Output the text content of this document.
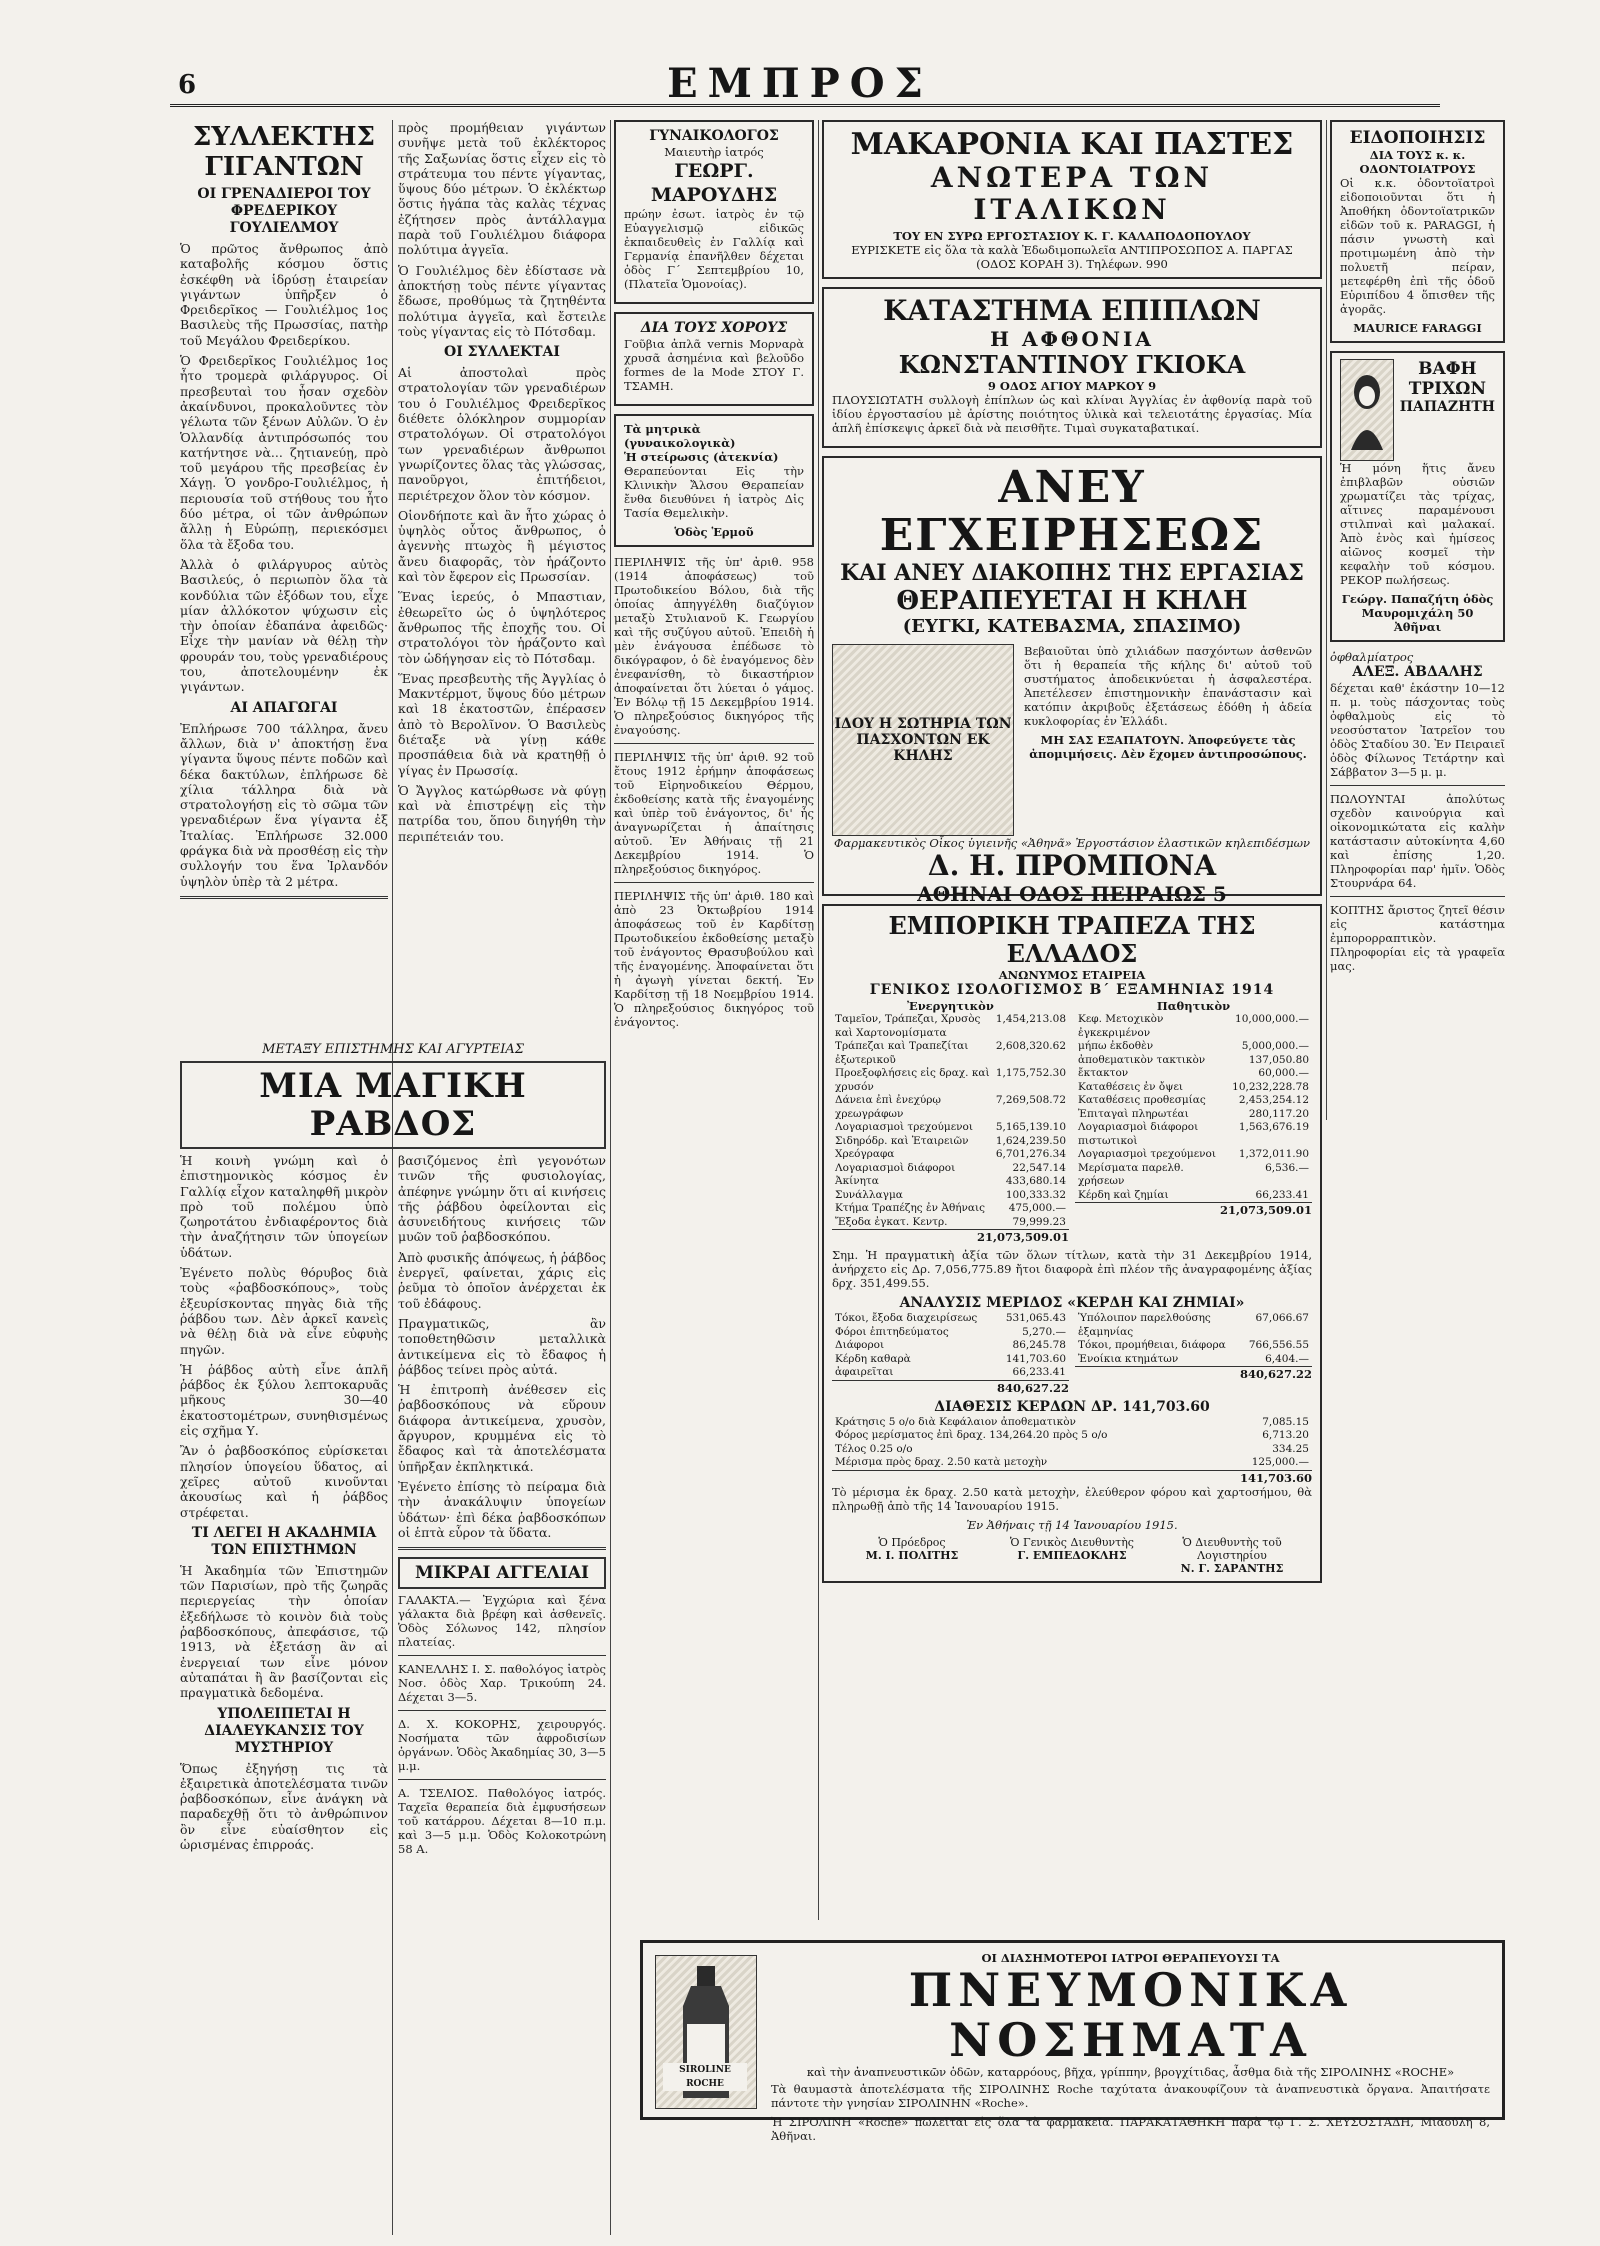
6	ΕΜΠΡΟΣ
ΣΥΛΛΕΚΤΗΣ ΓΙΓΑΝΤΩΝ
ΟΙ ΓΡΕΝΑΔΙΕΡΟΙ ΤΟΥ ΦΡΕΔΕΡΙΚΟΥ ΓΟΥΛΙΕΛΜΟΥ

Ὁ πρῶτος ἄνθρωπος ἀπὸ καταβολῆς κόσμου ὅστις ἐσκέφθη νὰ ἱδρύσῃ ἑταιρείαν γιγάντων ὑπῆρξεν ὁ Φρειδερῖκος — Γουλιέλμος 1ος Βασιλεὺς τῆς Πρωσσίας, πατὴρ τοῦ Μεγάλου Φρειδερίκου.

Ὁ Φρειδερῖκος Γουλιέλμος 1ος ἦτο τρομερὰ φιλάργυρος. Οἱ πρεσβευταὶ του ἦσαν σχεδὸν ἀκαίνδυνοι, προκαλοῦντες τὸν γέλωτα τῶν ξένων Αὐλῶν. Ὁ ἐν Ὁλλανδίᾳ ἀντιπρόσωπός του κατήντησε νὰ... ζητιανεύῃ, πρὸ τοῦ μεγάρου τῆς πρεσβείας ἐν Χάγῃ. Ὁ γονδρο-Γουλιέλμος, ἡ περιουσία τοῦ στήθους του ἦτο δύο μέτρα, οἱ τῶν ἀνθρώπων ἄλλῃ ἡ Εὐρώπῃ, περιεκόσμει ὅλα τὰ ἔξοδα του.

Ἀλλὰ ὁ φιλάργυρος αὐτὸς Βασιλεύς, ὁ περιωπὸν ὅλα τὰ κονδύλια τῶν ἐξόδων του, εἶχε μίαν ἀλλόκοτον ψύχωσιν εἰς τὴν ὁποίαν ἐδαπάνα ἀφειδῶς· Εἶχε τὴν μανίαν νὰ θέλῃ τὴν φρουράν του, τοὺς γρεναδιέρους του, ἀποτελουμένην ἐκ γιγάντων.

ΑΙ ΑΠΑΓΩΓΑΙ

Ἐπλήρωσε 700 τάλληρα, ἄνευ ἄλλων, διὰ ν' ἀποκτήσῃ ἕνα γίγαντα ὕψους πέντε ποδῶν καὶ δέκα δακτύλων, ἐπλήρωσε δὲ χίλια τάλληρα διὰ νὰ στρατολογήσῃ εἰς τὸ σῶμα τῶν γρεναδιέρων ἕνα γίγαντα ἐξ Ἰταλίας. Ἐπλήρωσε 32.000 φράγκα διὰ νὰ προσθέσῃ εἰς τὴν συλλογήν του ἕνα Ἰρλανδόν ὑψηλὸν ὑπὲρ τὰ 2 μέτρα.

πρὸς προμήθειαν γιγάντων συνῆψε μετὰ τοῦ ἐκλέκτορος τῆς Σαξωνίας ὅστις εἶχεν εἰς τὸ στράτευμα του πέντε γίγαντας, ὕψους δύο μέτρων. Ὁ ἐκλέκτωρ ὅστις ἠγάπα τὰς καλὰς τέχνας ἐζήτησεν πρὸς ἀντάλλαγμα παρὰ τοῦ Γουλιέλμου διάφορα πολύτιμα ἀγγεῖα.

Ὁ Γουλιέλμος δὲν ἐδίστασε νὰ ἀποκτήσῃ τοὺς πέντε γίγαντας ἔδωσε, προθύμως τὰ ζητηθέντα πολύτιμα ἀγγεῖα, καὶ ἔστειλε τοὺς γίγαντας εἰς τὸ Πότσδαμ.

ΟΙ ΣΥΛΛΕΚΤΑΙ

Αἱ ἀποστολαὶ πρὸς στρατολογίαν τῶν γρεναδιέρων του ὁ Γουλιέλμος Φρειδερῖκος διέθετε ὁλόκληρον συμμορίαν στρατολόγων. Οἱ στρατολόγοι των γρεναδιέρων ἄνθρωποι γνωρίζοντες ὅλας τὰς γλώσσας, πανοῦργοι, ἐπιτήδειοι, περιέτρεχον ὅλον τὸν κόσμον.

Οἱονδήποτε καὶ ἂν ἦτο χώρας ὁ ὑψηλὸς οὗτος ἄνθρωπος, ὁ ἀγεννὴς πτωχὸς ἢ μέγιστος ἄνευ διαφορᾶς, τὸν ἡράζοντο καὶ τὸν ἔφερον εἰς Πρωσσίαν.

Ἕνας ἱερεύς, ὁ Μπαστιαν, ἐθεωρεῖτο ὡς ὁ ὑψηλότερος ἄνθρωπος τῆς ἐποχῆς του. Οἱ στρατολόγοι τὸν ἡράζοντο καὶ τὸν ὡδήγησαν εἰς τὸ Πότσδαμ.

Ἕνας πρεσβευτὴς τῆς Ἀγγλίας ὁ Μακντέρμοτ, ὕψους δύο μέτρων καὶ 18 ἑκατοστῶν, ἐπέρασεν ἀπὸ τὸ Βερολῖνον. Ὁ Βασιλεὺς διέταξε νὰ γίνῃ κάθε προσπάθεια διὰ νὰ κρατηθῇ ὁ γίγας ἐν Πρωσσίᾳ.

Ὁ Ἄγγλος κατώρθωσε νὰ φύγῃ καὶ νὰ ἐπιστρέψῃ εἰς τὴν πατρίδα του, ὅπου διηγήθη τὴν περιπέτειάν του.

ΜΕΤΑΞΥ ΕΠΙΣΤΗΜΗΣ ΚΑΙ ΑΓΥΡΤΕΙΑΣ
ΜΙΑ ΜΑΓΙΚΗ ΡΑΒΔΟΣ

Ἡ κοινὴ γνώμη καὶ ὁ ἐπιστημονικὸς κόσμος ἐν Γαλλίᾳ εἶχον καταληφθῆ μικρὸν πρὸ τοῦ πολέμου ὑπὸ ζωηροτάτου ἐνδιαφέροντος διὰ τὴν ἀναζήτησιν τῶν ὑπογείων ὑδάτων.

Ἐγένετο πολὺς θόρυβος διὰ τοὺς «ῥαβδοσκόπους», τοὺς ἐξευρίσκοντας πηγὰς διὰ τῆς ῥάβδου των. Δὲν ἀρκεῖ κανεὶς νὰ θέλῃ διὰ νὰ εἶνε εὐφυὴς πηγῶν.

Ἡ ῥάβδος αὐτὴ εἶνε ἁπλῆ ῥάβδος ἐκ ξύλου λεπτοκαρυᾶς μῆκους 30—40 ἑκατοστομέτρων, συνηθισμένως εἰς σχῆμα Υ.

Ἂν ὁ ῥαβδοσκόπος εὑρίσκεται πλησίον ὑπογείου ὕδατος, αἱ χεῖρες αὐτοῦ κινοῦνται ἀκουσίως καὶ ἡ ῥάβδος στρέφεται.

ΤΙ ΛΕΓΕΙ Η ΑΚΑΔΗΜΙΑ ΤΩΝ ΕΠΙΣΤΗΜΩΝ

Ἡ Ἀκαδημία τῶν Ἐπιστημῶν τῶν Παρισίων, πρὸ τῆς ζωηρᾶς περιεργείας τὴν ὁποίαν ἐξεδήλωσε τὸ κοινὸν διὰ τοὺς ῥαβδοσκόπους, ἀπεφάσισε, τῷ 1913, νὰ ἐξετάσῃ ἂν αἱ ἐνεργειαί των εἶνε μόνον αὐταπάται ἢ ἂν βασίζονται εἰς πραγματικὰ δεδομένα.

ΥΠΟΛΕΙΠΕΤΑΙ Η ΔΙΑΛΕΥΚΑΝΣΙΣ ΤΟΥ ΜΥΣΤΗΡΙΟΥ

Ὅπως ἐξηγήσῃ τις τὰ ἐξαιρετικὰ ἀποτελέσματα τινῶν ῥαβδοσκόπων, εἶνε ἀνάγκη νὰ παραδεχθῇ ὅτι τὸ ἀνθρώπινον ὂν εἶνε εὐαίσθητον εἰς ὡρισμένας ἐπιρροάς.

βασιζόμενος ἐπὶ γεγονότων τινῶν τῆς φυσιολογίας, ἀπέφηνε γνώμην ὅτι αἱ κινήσεις τῆς ῥάβδου ὀφείλονται εἰς ἀσυνειδήτους κινήσεις τῶν μυῶν τοῦ ῥαβδοσκόπου.

Ἀπὸ φυσικῆς ἀπόψεως, ἡ ῥάβδος ἐνεργεῖ, φαίνεται, χάρις εἰς ῥεῦμα τὸ ὁποῖον ἀνέρχεται ἐκ τοῦ ἐδάφους.

Πραγματικῶς, ἂν τοποθετηθῶσιν μεταλλικὰ ἀντικείμενα εἰς τὸ ἔδαφος ἡ ῥάβδος τείνει πρὸς αὐτά.

Ἡ ἐπιτροπὴ ἀνέθεσεν εἰς ῥαβδοσκόπους νὰ εὕρουν διάφορα ἀντικείμενα, χρυσὸν, ἄργυρον, κρυμμένα εἰς τὸ ἔδαφος καὶ τὰ ἀποτελέσματα ὑπῆρξαν ἐκπληκτικά.

Ἐγένετο ἐπίσης τὸ πείραμα διὰ τὴν ἀνακάλυψιν ὑπογείων ὑδάτων· ἐπὶ δέκα ῥαβδοσκόπων οἱ ἑπτὰ εὗρον τὰ ὕδατα.

ΜΙΚΡΑΙ ΑΓΓΕΛΙΑΙ

ΓΑΛΑΚΤΑ.— Ἐγχώρια καὶ ξένα γάλακτα διὰ βρέφη καὶ ἀσθενεῖς. Ὁδὸς Σόλωνος 142, πλησίον πλατείας.

ΚΑΝΕΛΛΗΣ Ι. Σ. παθολόγος ἰατρὸς Νοσ. ὁδὸς Χαρ. Τρικούπη 24. Δέχεται 3—5.

Δ. Χ. ΚΟΚΟΡΗΣ, χειρουργός. Νοσήματα τῶν ἀφροδισίων ὀργάνων. Ὁδὸς Ἀκαδημίας 30, 3—5 μ.μ.

Α. ΤΣΕΛΙΟΣ. Παθολόγος ἰατρός. Ταχεῖα θεραπεία διὰ ἐμφυσήσεων τοῦ κατάρρου. Δέχεται 8—10 π.μ. καὶ 3—5 μ.μ. Ὁδὸς Κολοκοτρώνη 58 Α.

ΓΥΝΑΙΚΟΛΟΓΟΣ
Μαιευτὴρ ἰατρός
ΓΕΩΡΓ. ΜΑΡΟΥΔΗΣ

πρώην ἐσωτ. ἰατρὸς ἐν τῷ Εὐαγγελισμῷ εἰδικῶς ἐκπαιδευθεὶς ἐν Γαλλίᾳ καὶ Γερμανίᾳ ἐπανῆλθεν δέχεται ὁδὸς Γ΄ Σεπτεμβρίου 10, (Πλατεῖα Ὁμονοίας).

ΔΙΑ ΤΟΥΣ ΧΟΡΟΥΣ

Γοῦβια ἀπλᾶ vernis Μορναρὰ χρυσᾶ ἀσημένια καὶ βελοῦδο formes de la Mode ΣΤΟΥ Γ. ΤΣΑΜΗ.

Τὰ μητρικὰ (γυναικολογικὰ)
Ἡ στείρωσις (ἀτεκνία)

Θεραπεύονται Εἰς τὴν Κλινικὴν Ἄλσου Θεραπείαν ἔνθα διευθύνει ἡ ἰατρὸς Δἰς Τασία Θεμελικὴν.

Ὁδὸς Ἑρμοῦ

ΠΕΡΙΛΗΨΙΣ τῆς ὑπ' ἀριθ. 958 (1914 ἀποφάσεως) τοῦ Πρωτοδικείου Βόλου, διὰ τῆς ὁποίας ἀπηγγέλθη διαζύγιον μεταξὺ Στυλιανοῦ Κ. Γεωργίου καὶ τῆς συζύγου αὐτοῦ. Ἐπειδὴ ἡ μὲν ἐνάγουσα ἐπέδωσε τὸ δικόγραφον, ὁ δὲ ἐναγόμενος δὲν ἐνεφανίσθη, τὸ δικαστήριον ἀποφαίνεται ὅτι λύεται ὁ γάμος. Ἐν Βόλῳ τῇ 15 Δεκεμβρίου 1914. Ὁ πληρεξούσιος δικηγόρος τῆς ἐναγούσης.

ΠΕΡΙΛΗΨΙΣ τῆς ὑπ' ἀριθ. 92 τοῦ ἔτους 1912 ἐρήμην ἀποφάσεως τοῦ Εἰρηνοδικείου Θέρμου, ἐκδοθείσης κατὰ τῆς ἐναγομένης καὶ ὑπὲρ τοῦ ἐνάγοντος, δι' ἧς ἀναγνωρίζεται ἡ ἀπαίτησις αὐτοῦ. Ἐν Ἀθήναις τῇ 21 Δεκεμβρίου 1914. Ὁ πληρεξούσιος δικηγόρος.

ΠΕΡΙΛΗΨΙΣ τῆς ὑπ' ἀριθ. 180 καὶ ἀπὸ 23 Ὀκτωβρίου 1914 ἀποφάσεως τοῦ ἐν Καρδίτσῃ Πρωτοδικείου ἐκδοθείσης μεταξὺ τοῦ ἐνάγοντος Θρασυβούλου καὶ τῆς ἐναγομένης. Ἀποφαίνεται ὅτι ἡ ἀγωγὴ γίνεται δεκτή. Ἐν Καρδίτσῃ τῇ 18 Νοεμβρίου 1914. Ὁ πληρεξούσιος δικηγόρος τοῦ ἐνάγοντος.

ΜΑΚΑΡΟΝΙΑ ΚΑΙ ΠΑΣΤΕΣ
ΑΝΩΤΕΡΑ ΤΩΝ ΙΤΑΛΙΚΩΝ
ΤΟΥ ΕΝ ΣΥΡΩ ΕΡΓΟΣΤΑΣΙΟΥ Κ. Γ. ΚΑΛΑΠΟΔΟΠΟΥΛΟΥ
ΕΥΡΙΣΚΕΤΕ εἰς ὅλα τὰ καλὰ Ἐδωδιμοπωλεῖα ΑΝΤΙΠΡΟΣΩΠΟΣ Α. ΠΑΡΓΑΣ (ΟΔΟΣ ΚΟΡΑΗ 3). Τηλέφων. 990
ΚΑΤΑΣΤΗΜΑ ΕΠΙΠΛΩΝ
Η ΑΦΘΟΝΙΑ
ΚΩΝΣΤΑΝΤΙΝΟΥ ΓΚΙΟΚΑ
9 ΟΔΟΣ ΑΓΙΟΥ ΜΑΡΚΟΥ 9

ΠΛΟΥΣΙΩΤΑΤΗ συλλογὴ ἐπίπλων ὡς καὶ κλίναι Ἀγγλίας ἐν ἀφθονίᾳ παρὰ τοῦ ἰδίου ἐργοστασίου μὲ ἀρίστης ποιότητος ὑλικὰ καὶ τελειοτάτης ἐργασίας. Μία ἁπλῆ ἐπίσκεψις ἀρκεῖ διὰ νὰ πεισθῆτε. Τιμαὶ συγκαταβατικαί.

ΑΝΕΥ ΕΓΧΕΙΡΗΣΕΩΣ
ΚΑΙ ΑΝΕΥ ΔΙΑΚΟΠΗΣ ΤΗΣ ΕΡΓΑΣΙΑΣ
ΘΕΡΑΠΕΥΕΤΑΙ Η ΚΗΛΗ
(ΕΥΓΚΙ, ΚΑΤΕΒΑΣΜΑ, ΣΠΑΣΙΜΟ)
ΙΔΟΥ Η ΣΩΤΗΡΙΑ ΤΩΝ ΠΑΣΧΟΝΤΩΝ ΕΚ ΚΗΛΗΣ

Βεβαιοῦται ὑπὸ χιλιάδων πασχόντων ἀσθενῶν ὅτι ἡ θεραπεία τῆς κήλης δι' αὐτοῦ τοῦ συστήματος ἀποδεικνύεται ἡ ἀσφαλεστέρα. Ἀπετέλεσεν ἐπιστημονικὴν ἐπανάστασιν καὶ κατόπιν ἀκριβοῦς ἐξετάσεως ἐδόθη ἡ ἀδεία κυκλοφορίας ἐν Ἑλλάδι.

ΜΗ ΣΑΣ ΕΞΑΠΑΤΟΥΝ. Ἀποφεύγετε τὰς ἀπομιμήσεις. Δὲν ἔχομεν ἀντιπροσώπους.
Φαρμακευτικὸς Οἶκος ὑγιεινῆς «Ἀθηνᾶ» Ἐργοστάσιον ἐλαστικῶν κηλεπιδέσμων
Δ. Η. ΠΡΟΜΠΟΝΑ
ΑΘΗΝΑΙ ΟΔΟΣ ΠΕΙΡΑΙΩΣ 5
ΕΜΠΟΡΙΚΗ ΤΡΑΠΕΖΑ ΤΗΣ ΕΛΛΑΔΟΣ
ΑΝΩΝΥΜΟΣ ΕΤΑΙΡΕΙΑ
ΓΕΝΙΚΟΣ ΙΣΟΛΟΓΙΣΜΟΣ Β΄ ΕΞΑΜΗΝΙΑΣ 1914
Ἐνεργητικὸν
Ταμεῖον, Τράπεζαι, Χρυσὸς καὶ Χαρτονομίσματα	1,454,213.08
Τράπεζαι καὶ Τραπεζίται ἐξωτερικοῦ	2,608,320.62
Προεξοφλήσεις εἰς δραχ. καὶ χρυσόν	1,175,752.30
Δάνεια ἐπὶ ἐνεχύρῳ χρεωγράφων	7,269,508.72
Λογαριασμοὶ τρεχούμενοι	5,165,139.10
Σιδηρόδρ. καὶ Ἑταιρειῶν	1,624,239.50
Χρεόγραφα	6,701,276.34
Λογαριασμοὶ διάφοροι	22,547.14
Ἀκίνητα	433,680.14
Συνάλλαγμα	100,333.32
Κτήμα Τραπέζης ἐν Ἀθήναις	475,000.—
Ἔξοδα ἐγκατ. Κεντρ.	79,999.23
21,073,509.01
Παθητικὸν
Κεφ. Μετοχικὸν ἐγκεκριμένον	10,000,000.—
μήπω ἐκδοθὲν	5,000,000.—
ἀποθεματικὸν τακτικὸν	137,050.80
ἔκτακτον	60,000.—
Καταθέσεις ἐν ὄψει	10,232,228.78
Καταθέσεις προθεσμίας	2,453,254.12
Ἐπιταγαὶ πληρωτέαι	280,117.20
Λογαριασμοὶ διάφοροι πιστωτικοὶ	1,563,676.19
Λογαριασμοὶ τρεχούμενοι	1,372,011.90
Μερίσματα παρελθ. χρήσεων	6,536.—
Κέρδη καὶ ζημίαι	66,233.41
21,073,509.01

Σημ. Ἡ πραγματικὴ ἀξία τῶν ὅλων τίτλων, κατὰ τὴν 31 Δεκεμβρίου 1914, ἀνήρχετο εἰς Δρ. 7,056,775.89 ἤτοι διαφορὰ ἐπὶ πλέον τῆς ἀναγραφομένης ἀξίας δρχ. 351,499.55.

ΑΝΑΛΥΣΙΣ ΜΕΡΙΔΟΣ «ΚΕΡΔΗ ΚΑΙ ΖΗΜΙΑΙ»
Τόκοι, ἔξοδα διαχειρίσεως	531,065.43
Φόροι ἐπιτηδεύματος	5,270.—
Διάφοροι	86,245.78
Κέρδη καθαρὰ	141,703.60
ἀφαιρεῖται	66,233.41
840,627.22
Ὑπόλοιπον παρελθούσης ἑξαμηνίας	67,066.67
Τόκοι, προμήθειαι, διάφορα	766,556.55
Ἐνοίκια κτημάτων	6,404.—
840,627.22
ΔΙΑΘΕΣΙΣ ΚΕΡΔΩΝ ΔΡ. 141,703.60
Κράτησις 5 ο/ο διὰ Κεφάλαιον ἀποθεματικὸν	7,085.15
Φόρος μερίσματος ἐπὶ δραχ. 134,264.20 πρὸς 5 ο/ο	6,713.20
Τέλος 0.25 ο/ο	334.25
Μέρισμα πρὸς δραχ. 2.50 κατὰ μετοχὴν	125,000.—
141,703.60

Τὸ μέρισμα ἐκ δραχ. 2.50 κατὰ μετοχὴν, ἐλεύθερον φόρου καὶ χαρτοσήμου, θὰ πληρωθῇ ἀπὸ τῆς 14 Ἰανουαρίου 1915.

Ἐν Ἀθήναις τῇ 14 Ἰανουαρίου 1915.
Ὁ Πρόεδρος
Μ. Ι. ΠΟΛΙΤΗΣ
Ὁ Γενικὸς Διευθυντὴς
Γ. ΕΜΠΕΔΟΚΛΗΣ
Ὁ Διευθυντὴς τοῦ Λογιστηρίου
Ν. Γ. ΣΑΡΑΝΤΗΣ
ΕΙΔΟΠΟΙΗΣΙΣ
ΔΙΑ ΤΟΥΣ κ. κ. ΟΔΟΝΤΟΙΑΤΡΟΥΣ

Οἱ κ.κ. ὀδοντοϊατροὶ εἰδοποιοῦνται ὅτι ἡ Ἀποθήκη ὀδοντοϊατρικῶν εἰδῶν τοῦ κ. PARAGGI, ἡ πάσιν γνωστὴ καὶ προτιμωμένη ἀπὸ τὴν πολυετῆ πείραν, μετεφέρθη ἐπὶ τῆς ὁδοῦ Εὐριπίδου 4 ὅπισθεν τῆς ἀγορᾶς.

MAURICE FARAGGI
ΒΑΦΗ ΤΡΙΧΩΝ
ΠΑΠΑΖΗΤΗ

Ἡ μόνη ἥτις ἄνευ ἐπιβλαβῶν οὐσιῶν χρωματίζει τὰς τρίχας, αἵτινες παραμένουσι στιλπναὶ καὶ μαλακαί. Ἀπὸ ἑνὸς καὶ ἡμίσεος αἰῶνος κοσμεῖ τὴν κεφαλὴν τοῦ κόσμου. ΡΕΚΟΡ πωλήσεως.

Γεώργ. Παπαζήτη ὁδὸς Μαυρομιχάλη 50 Ἀθῆναι
ὀφθαλμίατρος
ΑΛΕΞ. ΑΒΔΑΛΗΣ

δέχεται καθ' ἑκάστην 10—12 π. μ. τοὺς πάσχοντας τοὺς ὀφθαλμοὺς εἰς τὸ νεοσύστατον Ἰατρεῖον του ὁδὸς Σταδίου 30. Ἐν Πειραιεῖ ὁδὸς Φίλωνος Τετάρτην καὶ Σάββατον 3—5 μ. μ.

ΠΩΛΟΥΝΤΑΙ ἀπολύτως σχεδὸν καινούργια καὶ οἰκονομικώτατα εἰς καλὴν κατάστασιν αὐτοκίνητα 4,60 καὶ ἐπίσης 1,20. Πληροφορίαι παρ' ἡμῖν. Ὁδὸς Στουρνάρα 64.

ΚΟΠΤΗΣ ἄριστος ζητεῖ θέσιν εἰς κατάστημα ἐμπορορραπτικὸν. Πληροφορίαι εἰς τὰ γραφεῖα μας.

SIROLINE ROCHE
ΟΙ ΔΙΑΣΗΜΟΤΕΡΟΙ ΙΑΤΡΟΙ ΘΕΡΑΠΕΥΟΥΣΙ ΤΑ
ΠΝΕΥΜΟΝΙΚΑ ΝΟΣΗΜΑΤΑ
καὶ τὴν ἀναπνευστικῶν ὁδῶν, καταρρόους, βῆχα, γρίππην, βρογχίτιδας, ἆσθμα διὰ τῆς ΣΙΡΟΛΙΝΗΣ «ROCHE»

Τὰ θαυμαστὰ ἀποτελέσματα τῆς ΣΙΡΟΛΙΝΗΣ Roche ταχύτατα ἀνακουφίζουν τὰ ἀναπνευστικὰ ὄργανα. Ἀπαιτήσατε πάντοτε τὴν γνησίαν ΣΙΡΟΛΙΝΗΝ «Roche».

Ἡ ΣΙΡΟΛΙΝΗ «Roche» πωλεῖται εἰς ὅλα τὰ φαρμακεῖα. ΠΑΡΑΚΑΤΑΘΗΚΗ παρὰ τῷ Γ. Σ. ΧΕΥΣΟΣΤΑΔΗ, Μιαούλη 8, Ἀθῆναι.
